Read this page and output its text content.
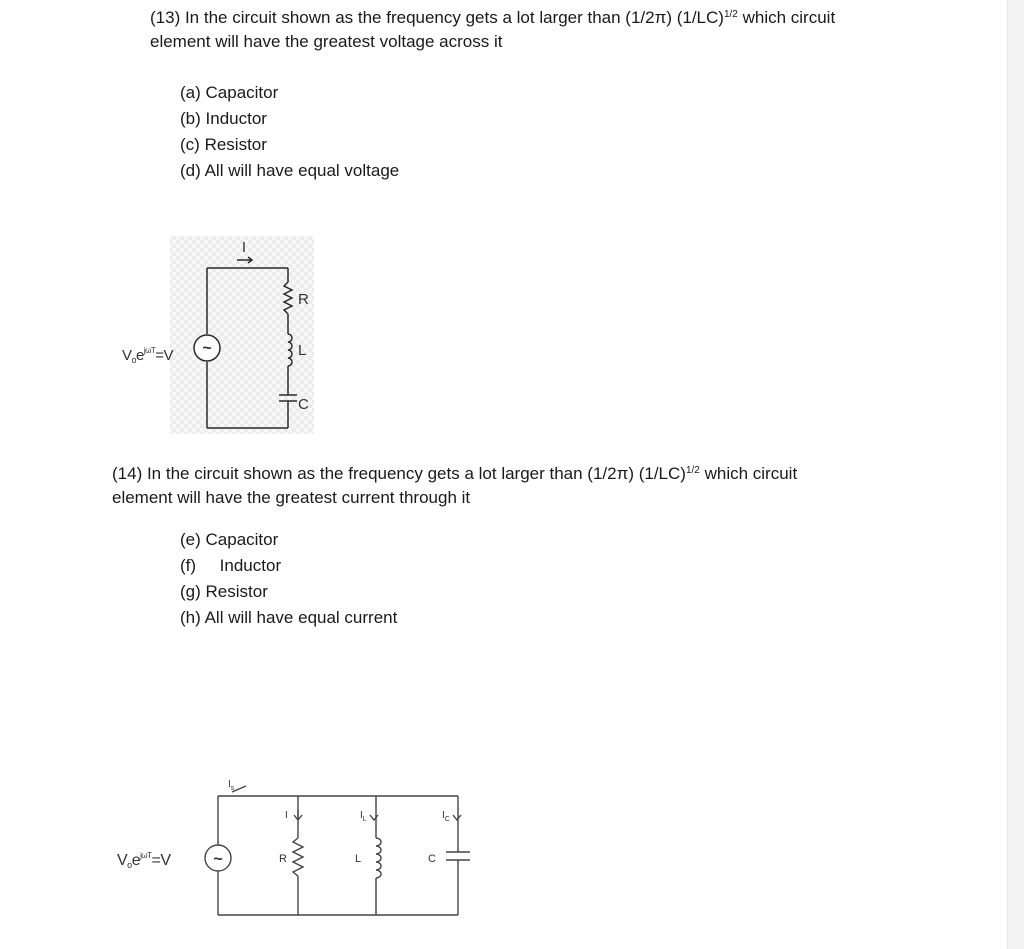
(13) In the circuit shown as the frequency gets a lot larger than (1/2π) $(1/LC)^{1/2}$ which circuit
element will have the greatest voltage across it

(a) Capacitor
(b) Inductor
(c) Resistor
(d) All will have equal voltage
~
I
R
L
C
$V_oe^{j\omega T}=V$

(14) In the circuit shown as the frequency gets a lot larger than (1/2π) $(1/LC)^{1/2}$ which circuit
element will have the greatest current through it

(e) Capacitor
(f)     Inductor
(g) Resistor
(h) All will have equal current
~
$I_s$
I	$I_L$	$I_C$
R	L	C
Voe$^{j\omega T}$=V
